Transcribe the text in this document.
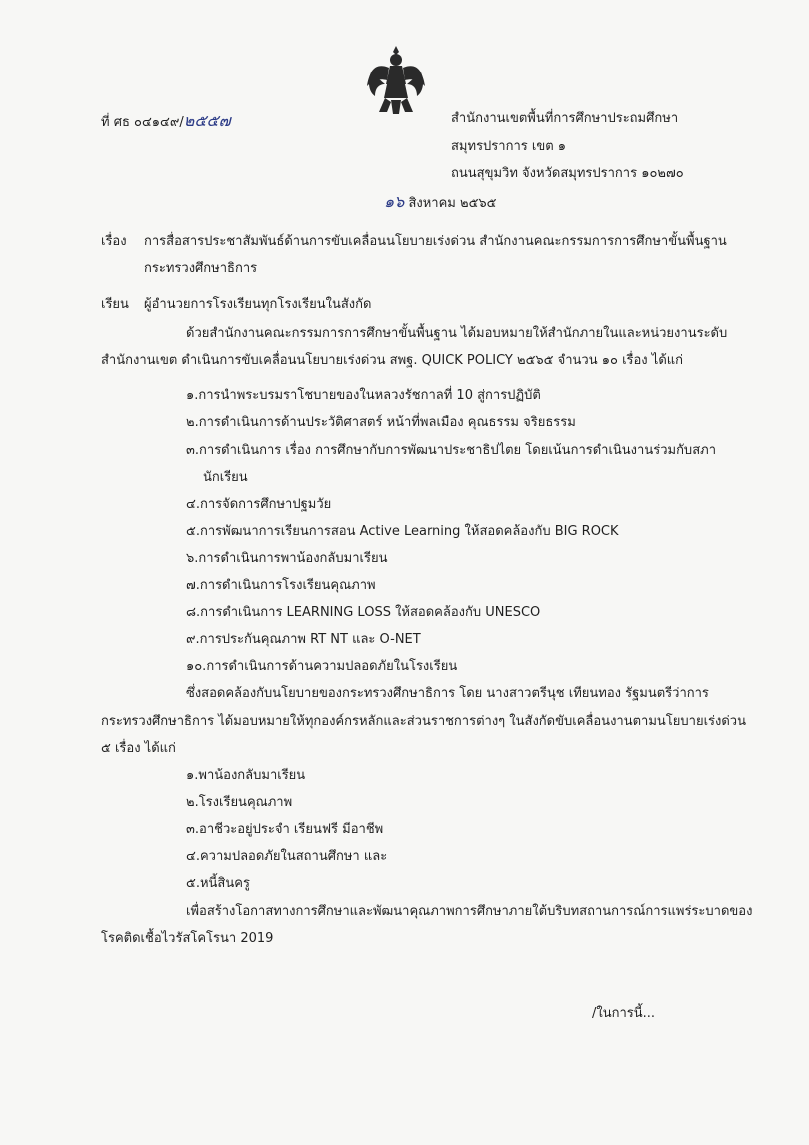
ที่ ศธ ๐๔๑๔๙/๒๕๕๗	สำนักงานเขตพื้นที่การศึกษาประถมศึกษา
สมุทรปราการ เขต ๑
ถนนสุขุมวิท จังหวัดสมุทรปราการ ๑๐๒๗๐
๑๖ สิงหาคม ๒๕๖๕
เรื่อง การสื่อสารประชาสัมพันธ์ด้านการขับเคลื่อนนโยบายเร่งด่วน สำนักงานคณะกรรมการการศึกษาขั้นพื้นฐาน
กระทรวงศึกษาธิการ
เรียน ผู้อำนวยการโรงเรียนทุกโรงเรียนในสังกัด
ด้วยสำนักงานคณะกรรมการการศึกษาขั้นพื้นฐาน ได้มอบหมายให้สำนักภายในและหน่วยงานระดับ
สำนักงานเขต ดำเนินการขับเคลื่อนนโยบายเร่งด่วน สพฐ. QUICK POLICY ๒๕๖๕ จำนวน ๑๐ เรื่อง ได้แก่
๑.การนำพระบรมราโชบายของในหลวงรัชกาลที่ 10 สู่การปฏิบัติ
๒.การดำเนินการด้านประวัติศาสตร์ หน้าที่พลเมือง คุณธรรม จริยธรรม
๓.การดำเนินการ เรื่อง การศึกษากับการพัฒนาประชาธิปไตย โดยเน้นการดำเนินงานร่วมกับสภา
นักเรียน
๔.การจัดการศึกษาปฐมวัย
๕.การพัฒนาการเรียนการสอน Active Learning ให้สอดคล้องกับ BIG ROCK
๖.การดำเนินการพาน้องกลับมาเรียน
๗.การดำเนินการโรงเรียนคุณภาพ
๘.การดำเนินการ LEARNING LOSS ให้สอดคล้องกับ UNESCO
๙.การประกันคุณภาพ RT NT และ O-NET
๑๐.การดำเนินการด้านความปลอดภัยในโรงเรียน
ซึ่งสอดคล้องกับนโยบายของกระทรวงศึกษาธิการ โดย นางสาวตรีนุช เทียนทอง รัฐมนตรีว่าการ
กระทรวงศึกษาธิการ ได้มอบหมายให้ทุกองค์กรหลักและส่วนราชการต่างๆ ในสังกัดขับเคลื่อนงานตามนโยบายเร่งด่วน
๕ เรื่อง ได้แก่
๑.พาน้องกลับมาเรียน
๒.โรงเรียนคุณภาพ
๓.อาชีวะอยู่ประจำ เรียนฟรี มีอาชีพ
๔.ความปลอดภัยในสถานศึกษา และ
๕.หนี้สินครู
เพื่อสร้างโอกาสทางการศึกษาและพัฒนาคุณภาพการศึกษาภายใต้บริบทสถานการณ์การแพร่ระบาดของ
โรคติดเชื้อไวรัสโคโรนา 2019
/ในการนี้...
